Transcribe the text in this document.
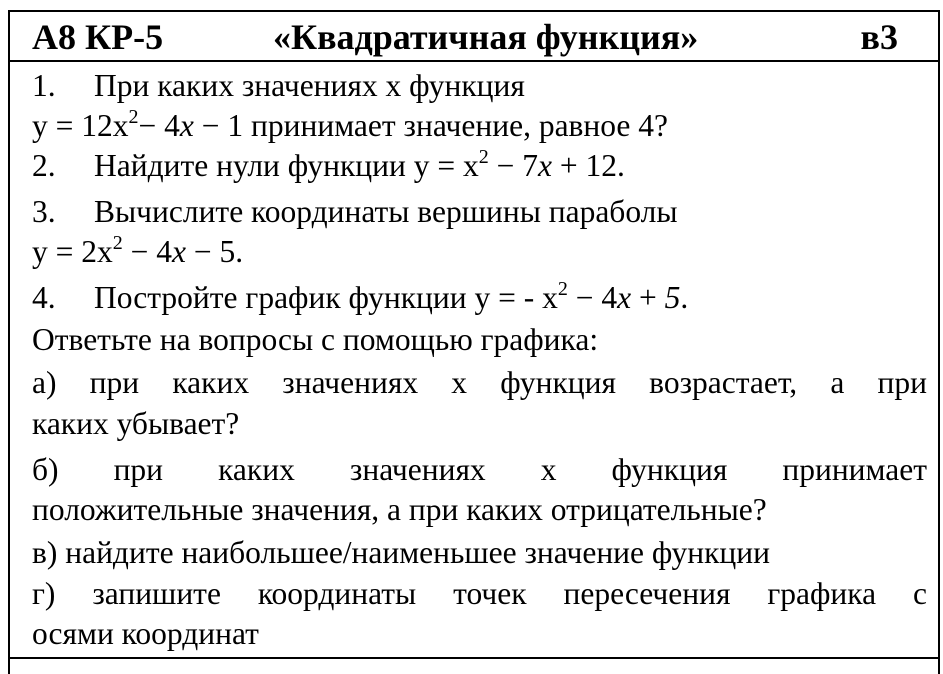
А8 КР-5	«Квадратичная функция»	в3
1. При каких значениях х функция
$у = 12х^2- 4x - 1$ принимает значение, равное 4?
2. Найдите нули функции $у = х^2 - 7x + 12$.
3. Вычислите координаты вершины параболы
$у = 2х^2 - 4x - 5$.
4. Постройте график функции у = - $х^2 - 4x + 5$.
Ответьте на вопросы с помощью графика:
а) при каких значениях х функция возрастает, а при
каких убывает?
б) при каких значениях х функция принимает
положительные значения, а при каких отрицательные?
в) найдите наибольшее/наименьшее значение функции
г) запишите координаты точек пересечения графика с
осями координат
